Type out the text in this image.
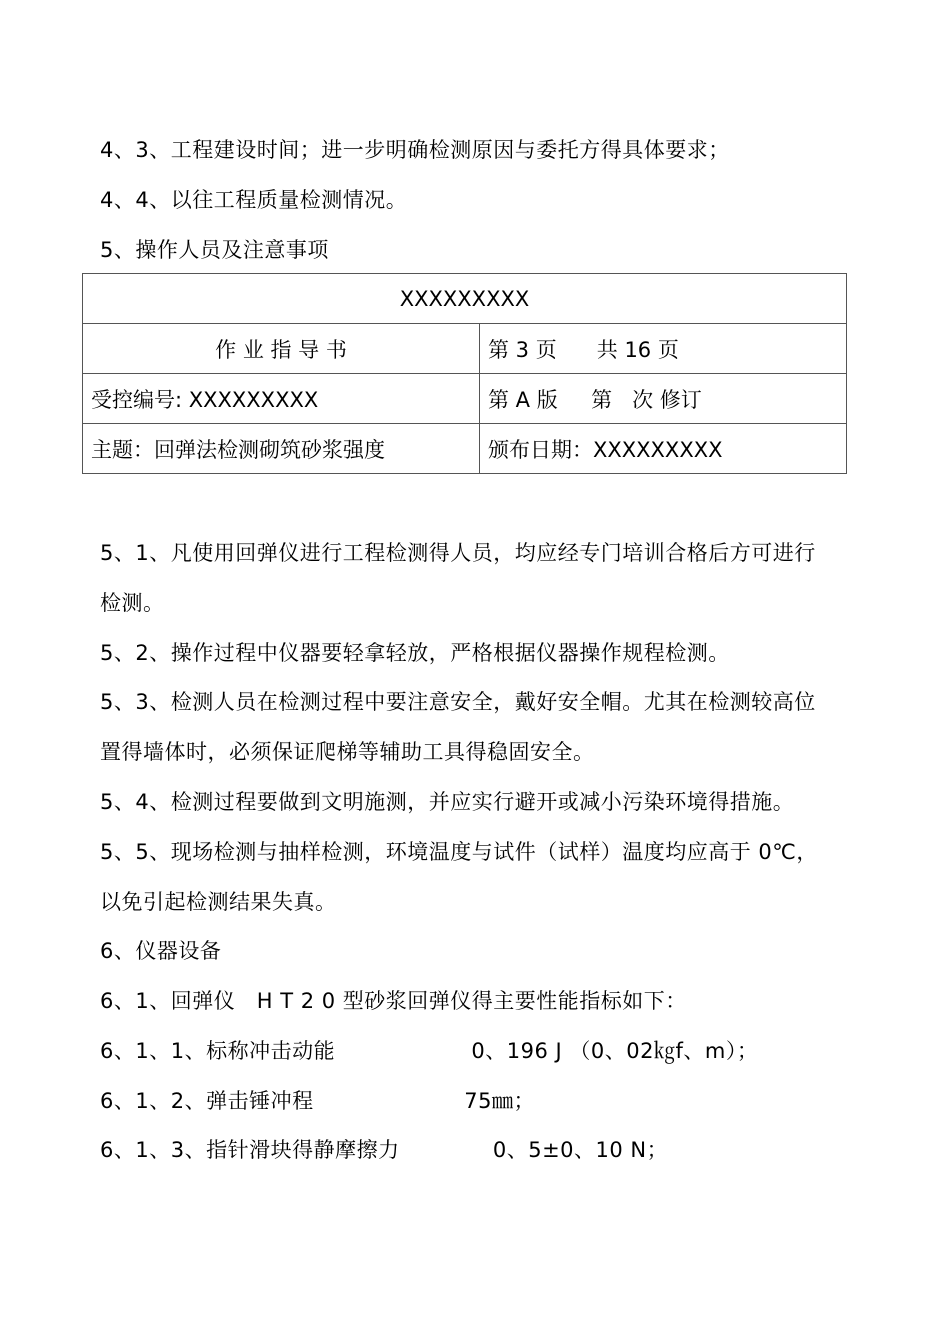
4、3、工程建设时间；进一步明确检测原因与委托方得具体要求；
4、4、以往工程质量检测情况。
5、操作人员及注意事项
XXXXXXXXX	
作 业 指 导 书	第 3 页      共 16 页
受控编号: XXXXXXXXX	第 A 版     第   次 修订
主题：回弹法检测砌筑砂浆强度	颁布日期：XXXXXXXXX
5、1、凡使用回弹仪进行工程检测得人员，均应经专门培训合格后方可进行
检测。
5、2、操作过程中仪器要轻拿轻放，严格根据仪器操作规程检测。
5、3、检测人员在检测过程中要注意安全，戴好安全帽。尤其在检测较高位
置得墙体时，必须保证爬梯等辅助工具得稳固安全。
5、4、检测过程要做到文明施测，并应实行避开或减小污染环境得措施。
5、5、现场检测与抽样检测，环境温度与试件（试样）温度均应高于 0℃，
以免引起检测结果失真。
6、仪器设备
6、1、回弹仪   H T 2 0 型砂浆回弹仪得主要性能指标如下：
6、1、1、标称冲击动能                   0、196 J （0、02㎏f、m）；
6、1、2、弹击锤冲程                     75㎜；
6、1、3、指针滑块得静摩擦力             0、5±0、10 N；
